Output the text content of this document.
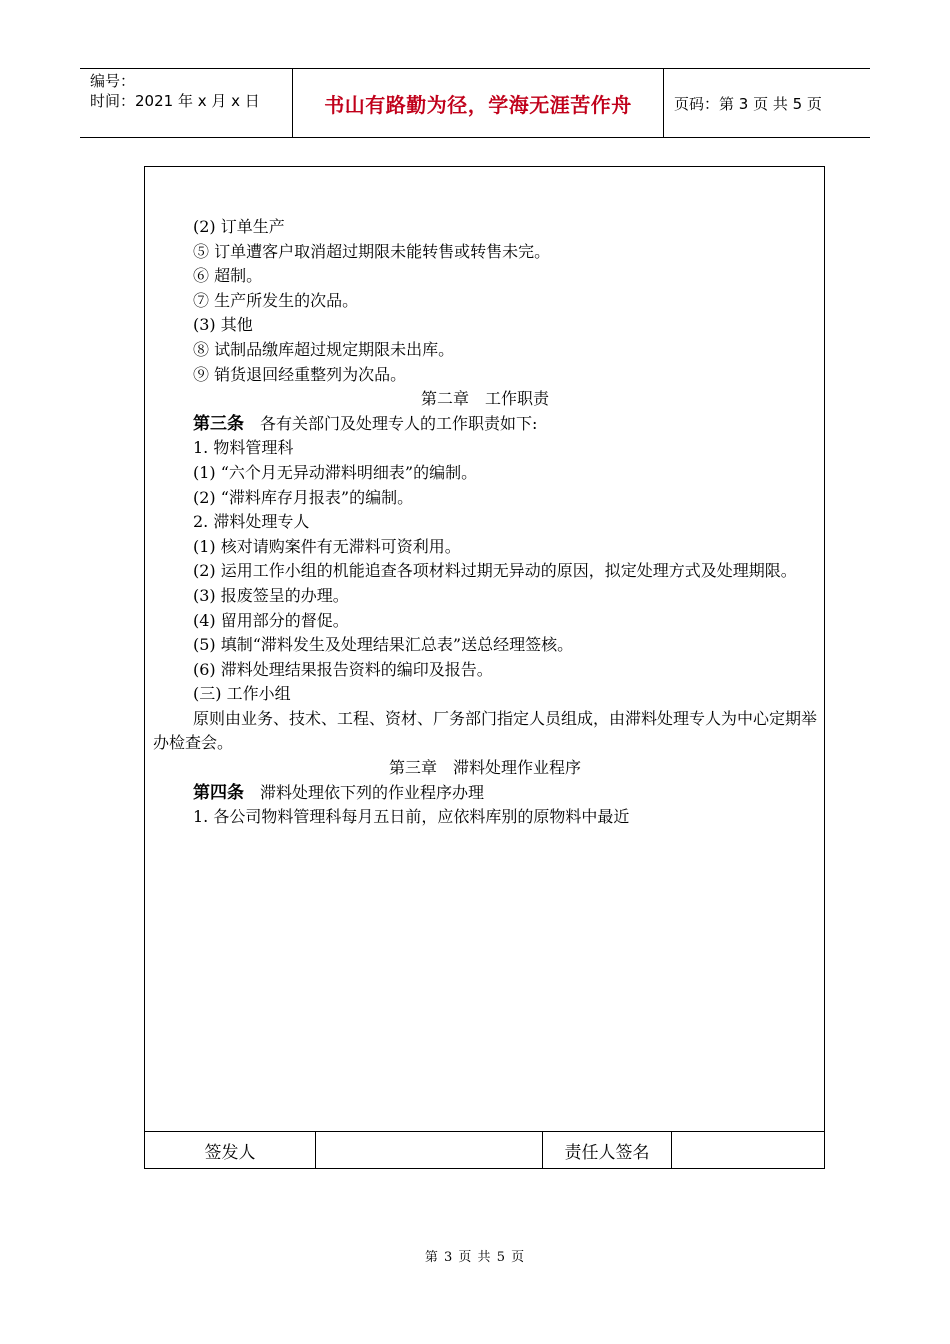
编号：
时间：2021 年 x 月 x 日	书山有路勤为径，学海无涯苦作舟	页码：第 3 页 共 5 页
(2) 订单生产
⑤ 订单遭客户取消超过期限未能转售或转售未完。
⑥ 超制。
⑦ 生产所发生的次品。
(3) 其他
⑧ 试制品缴库超过规定期限未出库。
⑨ 销货退回经重整列为次品。
第二章　工作职责
第三条　各有关部门及处理专人的工作职责如下:
1. 物料管理科
(1) “六个月无异动滞料明细表”的编制。
(2) “滞料库存月报表”的编制。
2. 滞料处理专人
(1) 核对请购案件有无滞料可资利用。
(2) 运用工作小组的机能追查各项材料过期无异动的原因，拟定处理方式及处理期限。
(3) 报废签呈的办理。
(4) 留用部分的督促。
(5) 填制“滞料发生及处理结果汇总表”送总经理签核。
(6) 滞料处理结果报告资料的编印及报告。
(三) 工作小组
原则由业务、技术、工程、资材、厂务部门指定人员组成，由滞料处理专人为中心定期举办检查会。
第三章　滞料处理作业程序
第四条　滞料处理依下列的作业程序办理
1. 各公司物料管理科每月五日前，应依料库别的原物料中最近
签发人	责任人签名
第 3 页 共 5 页
